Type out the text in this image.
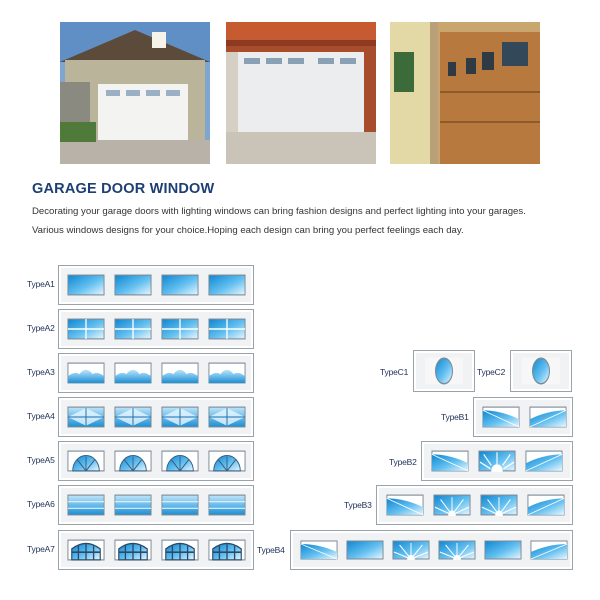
GARAGE DOOR WINDOW
Decorating your garage doors with lighting windows can bring fashion designs and perfect lighting into your garages.
Various windows designs for your choice.Hoping each design can bring you perfect feelings each day.
TypeA1
TypeA2
TypeA3
TypeA4
TypeA5
TypeA6
TypeA7
TypeC1	TypeC2
TypeB1
TypeB2
TypeB3
TypeB4
